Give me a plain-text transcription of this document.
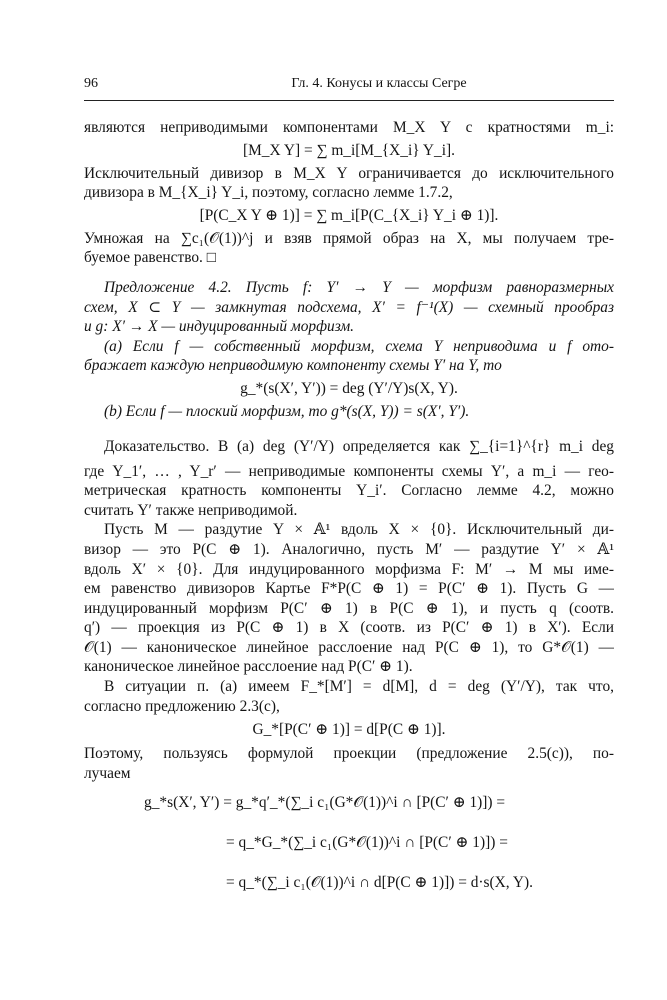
96	Гл. 4. Конусы и классы Сегре
являются неприводимыми компонентами M_X Y с кратностями m_i:
[M_X Y] = ∑ m_i[M_{X_i} Y_i].
Исключительный дивизор в M_X Y ограничивается до исключительного
дивизора в M_{X_i} Y_i, поэтому, согласно лемме 1.7.2,
[P(C_X Y ⊕ 1)] = ∑ m_i[P(C_{X_i} Y_i ⊕ 1)].
Умножая на ∑c₁(𝒪(1))^j и взяв прямой образ на X, мы получаем тре-
буемое равенство. □
Предложение 4.2. Пусть f: Y′ → Y — морфизм равноразмерных
схем, X ⊂ Y — замкнутая подсхема, X′ = f⁻¹(X) — схемный прообраз
и g: X′ → X — индуцированный морфизм.
(a) Если f — собственный морфизм, схема Y неприводима и f ото-
бражает каждую неприводимую компоненту схемы Y′ на Y, то
g_*(s(X′, Y′)) = deg (Y′/Y)s(X, Y).
(b) Если f — плоский морфизм, то g*(s(X, Y)) = s(X′, Y′).
Доказательство. В (a) deg (Y′/Y) определяется как ∑_{i=1}^{r} m_i deg
где Y_1′, … , Y_r′ — неприводимые компоненты схемы Y′, а m_i — гео-
метрическая кратность компоненты Y_i′. Согласно лемме 4.2, можно
считать Y′ также неприводимой.
Пусть M — раздутие Y × 𝔸¹ вдоль X × {0}. Исключительный ди-
визор — это P(C ⊕ 1). Аналогично, пусть M′ — раздутие Y′ × 𝔸¹
вдоль X′ × {0}. Для индуцированного морфизма F: M′ → M мы име-
ем равенство дивизоров Картье F*P(C ⊕ 1) = P(C′ ⊕ 1). Пусть G —
индуцированный морфизм P(C′ ⊕ 1) в P(C ⊕ 1), и пусть q (соотв.
q′) — проекция из P(C ⊕ 1) в X (соотв. из P(C′ ⊕ 1) в X′). Если
𝒪(1) — каноническое линейное расслоение над P(C ⊕ 1), то G*𝒪(1) —
каноническое линейное расслоение над P(C′ ⊕ 1).
В ситуации п. (a) имеем F_*[M′] = d[M], d = deg (Y′/Y), так что,
согласно предложению 2.3(c),
G_*[P(C′ ⊕ 1)] = d[P(C ⊕ 1)].
Поэтому, пользуясь формулой проекции (предложение 2.5(c)), по-
лучаем
g_*s(X′, Y′) = g_*q′_*(∑_i c₁(G*𝒪(1))^i ∩ [P(C′ ⊕ 1)]) =
= q_*G_*(∑_i c₁(G*𝒪(1))^i ∩ [P(C′ ⊕ 1)]) =
= q_*(∑_i c₁(𝒪(1))^i ∩ d[P(C ⊕ 1)]) = d·s(X, Y).
